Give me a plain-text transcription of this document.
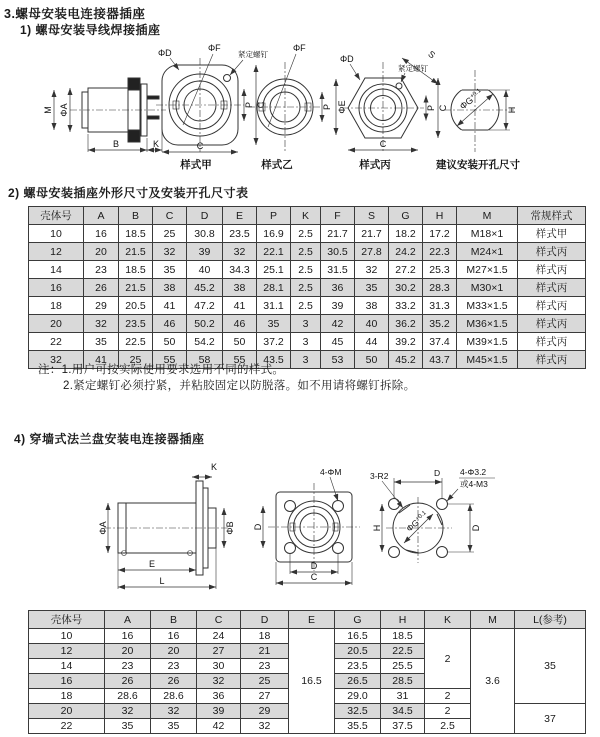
3.螺母安装电连接器插座
1) 螺母安装导线焊接插座
M ΦA
B	K
ΦD	ΦF
紧定螺钉
P C
C
样式甲
ΦF
P ΦE
样式乙
ΦD	S
紧定螺钉
P C
C
样式丙
$\Phi G^{+0.1}$
H
建议安装开孔尺寸
2) 螺母安装插座外形尺寸及安装开孔尺寸表
壳体号	A	B	C	D	E	P	K	F	S	G	H	M	常规样式
10	16	18.5	25	30.8	23.5	16.9	2.5	21.7	21.7	18.2	17.2	M18×1	样式甲
12	20	21.5	32	39	32	22.1	2.5	30.5	27.8	24.2	22.3	M24×1	样式丙
14	23	18.5	35	40	34.3	25.1	2.5	31.5	32	27.2	25.3	M27×1.5	样式丙
16	26	21.5	38	45.2	38	28.1	2.5	36	35	30.2	28.3	M30×1	样式丙
18	29	20.5	41	47.2	41	31.1	2.5	39	38	33.2	31.3	M33×1.5	样式丙
20	32	23.5	46	50.2	46	35	3	42	40	36.2	35.2	M36×1.5	样式丙
22	35	22.5	50	54.2	50	37.2	3	45	44	39.2	37.4	M39×1.5	样式丙
32	41	25	55	58	55	43.5	3	53	50	45.2	43.7	M45×1.5	样式丙
注：1.用户可按实际使用要求选用不同的样式。
2.紧定螺钉必须拧紧，并粘胶固定以防脱落。如不用请将螺钉拆除。
4) 穿墙式法兰盘安装电连接器插座
K
ΦA	ΦB
E
L
4-ΦM
D
D
C
3-R2	D 4-Φ3.2
或4-M3
H	D
$\Phi G^{+0.1}$
壳体号	A	B	C	D	E	G	H	K	M	L(参考)
10	16	16	24	18	16.5	16.5	18.5	2	3.6	35
12	20	20	27	21		20.5	22.5			
14	23	23	30	23		23.5	25.5			
16	26	26	32	25		26.5	28.5			
18	28.6	28.6	36	27		29.0	31	2		
20	32	32	39	29		32.5	34.5	2		37
22	35	35	42	32		35.5	37.5	2.5		
